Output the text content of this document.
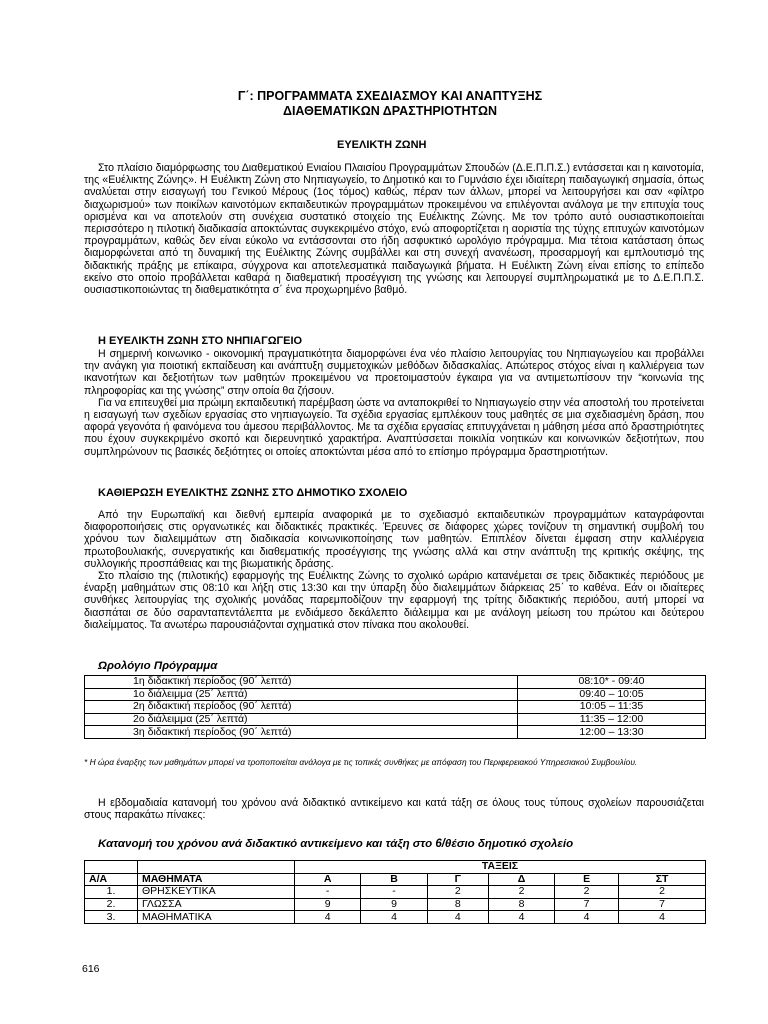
Γ΄: ΠΡΟΓΡΑΜΜΑΤΑ ΣΧΕΔΙΑΣΜΟΥ ΚΑΙ ΑΝΑΠΤΥΞΗΣ
ΔΙΑΘΕΜΑΤΙΚΩΝ ΔΡΑΣΤΗΡΙΟΤΗΤΩΝ
ΕΥΕΛΙΚΤΗ ΖΩΝΗ

Στο πλαίσιο διαμόρφωσης του Διαθεματικού Ενιαίου Πλαισίου Προγραμμάτων Σπουδών (Δ.Ε.Π.Π.Σ.) εντάσσεται και η καινοτομία, της «Ευέλικτης Ζώνης». Η Ευέλικτη Ζώνη στο Νηπιαγωγείο, το Δημοτικό και το Γυμνάσιο έχει ιδιαίτερη παιδαγωγική σημασία, όπως αναλύεται στην εισαγωγή του Γενικού Μέρους (1ος τόμος) καθώς, πέραν των άλλων, μπορεί να λειτουργήσει και σαν «φίλτρο διαχωρισμού» των ποικίλων καινοτόμων εκπαιδευτικών προγραμμάτων προκειμένου να επιλέγονται ανάλογα με την επιτυχία τους ορισμένα και να αποτελούν στη συνέχεια συστατικό στοιχείο της Ευέλικτης Ζώνης. Με τον τρόπο αυτό ουσιαστικοποιείται περισσότερο η πιλοτική διαδικασία αποκτώντας συγκεκριμένο στόχο, ενώ αποφορτίζεται η αοριστία της τύχης επιτυχών καινοτόμων προγραμμάτων, καθώς δεν είναι εύκολο να εντάσσονται στο ήδη ασφυκτικό ωρολόγιο πρόγραμμα. Μια τέτοια κατάσταση όπως διαμορφώνεται από τη δυναμική της Ευέλικτης Ζώνης συμβάλλει και στη συνεχή ανανέωση, προσαρμογή και εμπλουτισμό της διδακτικής πράξης με επίκαιρα, σύγχρονα και αποτελεσματικά παιδαγωγικά βήματα. Η Ευέλικτη Ζώνη είναι επίσης το επίπεδο εκείνο στο οποίο προβάλλεται καθαρά η διαθεματική προσέγγιση της γνώσης και λειτουργεί συμπληρωματικά με το Δ.Ε.Π.Π.Σ. ουσιαστικοποιώντας τη διαθεματικότητα σ΄ ένα προχωρημένο βαθμό.

Η ΕΥΕΛΙΚΤΗ ΖΩΝΗ ΣΤΟ ΝΗΠΙΑΓΩΓΕΙΟ

Η σημερινή κοινωνικο - οικονομική πραγματικότητα διαμορφώνει ένα νέο πλαίσιο λειτουργίας του Νηπιαγωγείου και προβάλλει την ανάγκη για ποιοτική εκπαίδευση και ανάπτυξη συμμετοχικών μεθόδων διδασκαλίας. Απώτερος στόχος είναι η καλλιέργεια των ικανοτήτων και δεξιοτήτων των μαθητών προκειμένου να προετοιμαστούν έγκαιρα για να αντιμετωπίσουν την “κοινωνία της πληροφορίας και της γνώσης” στην οποία θα ζήσουν.

Για να επιτευχθεί μια πρώιμη εκπαιδευτική παρέμβαση ώστε να ανταποκριθεί το Νηπιαγωγείο στην νέα αποστολή του προτείνεται η εισαγωγή των σχεδίων εργασίας στο νηπιαγωγείο. Τα σχέδια εργασίας εμπλέκουν τους μαθητές σε μια σχεδιασμένη δράση, που αφορά γεγονότα ή φαινόμενα του άμεσου περιβάλλοντος. Με τα σχέδια εργασίας επιτυγχάνεται η μάθηση μέσα από δραστηριότητες που έχουν συγκεκριμένο σκοπό και διερευνητικό χαρακτήρα. Αναπτύσσεται ποικιλία νοητικών και κοινωνικών δεξιοτήτων, που συμπληρώνουν τις βασικές δεξιότητες οι οποίες αποκτώνται μέσα από το επίσημο πρόγραμμα δραστηριοτήτων.

ΚΑΘΙΕΡΩΣΗ ΕΥΕΛΙΚΤΗΣ ΖΩΝΗΣ ΣΤΟ ΔΗΜΟΤΙΚΟ ΣΧΟΛΕΙΟ

Από την Ευρωπαϊκή και διεθνή εμπειρία αναφορικά με το σχεδιασμό εκπαιδευτικών προγραμμάτων καταγράφονται διαφοροποιήσεις στις οργανωτικές και διδακτικές πρακτικές. Έρευνες σε διάφορες χώρες τονίζουν τη σημαντική συμβολή του χρόνου των διαλειμμάτων στη διαδικασία κοινωνικοποίησης των μαθητών. Επιπλέον δίνεται έμφαση στην καλλιέργεια πρωτοβουλιακής, συνεργατικής και διαθεματικής προσέγγισης της γνώσης αλλά και στην ανάπτυξη της κριτικής σκέψης, της συλλογικής προσπάθειας και της βιωματικής δράσης.

Στο πλαίσιο της (πιλοτικής) εφαρμογής της Ευέλικτης Ζώνης το σχολικό ωράριο κατανέμεται σε τρεις διδακτικές περιόδους με έναρξη μαθημάτων στις 08:10 και λήξη στις 13:30 και την ύπαρξη δύο διαλειμμάτων διάρκειας 25΄ το καθένα. Εάν οι ιδιαίτερες συνθήκες λειτουργίας της σχολικής μονάδας παρεμποδίζουν την εφαρμογή της τρίτης διδακτικής περιόδου, αυτή μπορεί να διασπάται σε δύο σαρανταπεντάλεπτα με ενδιάμεσο δεκάλεπτο διάλειμμα και με ανάλογη μείωση του πρώτου και δεύτερου διαλείμματος. Τα ανωτέρω παρουσιάζονται σχηματικά στον πίνακα που ακολουθεί.

Ωρολόγιο Πρόγραμμα
1η διδακτική περίοδος (90΄ λεπτά)	08:10* - 09:40
1ο διάλειμμα (25΄ λεπτά)	09:40 – 10:05
2η διδακτική περίοδος (90΄ λεπτά)	10:05 – 11:35
2ο διάλειμμα (25΄ λεπτά)	11:35 – 12:00
3η διδακτική περίοδος (90΄ λεπτά)	12:00 – 13:30
* Η ώρα έναρξης των μαθημάτων μπορεί να τροποποιείται ανάλογα με τις τοπικές συνθήκες με απόφαση του Περιφερειακού Υπηρεσιακού Συμβουλίου.

Η εβδομαδιαία κατανομή του χρόνου ανά διδακτικό αντικείμενο και κατά τάξη σε όλους τους τύπους σχολείων παρουσιάζεται στους παρακάτω πίνακες:

Κατανομή του χρόνου ανά διδακτικό αντικείμενο και τάξη στο 6/θέσιο δημοτικό σχολείο
		ΤΑΞΕΙΣ					
Α/Α	ΜΑΘΗΜΑΤΑ	Α	Β	Γ	Δ	Ε	ΣΤ
1.	ΘΡΗΣΚΕΥΤΙΚΑ	-	-	2	2	2	2
2.	ΓΛΩΣΣΑ	9	9	8	8	7	7
3.	ΜΑΘΗΜΑΤΙΚΑ	4	4	4	4	4	4
616
